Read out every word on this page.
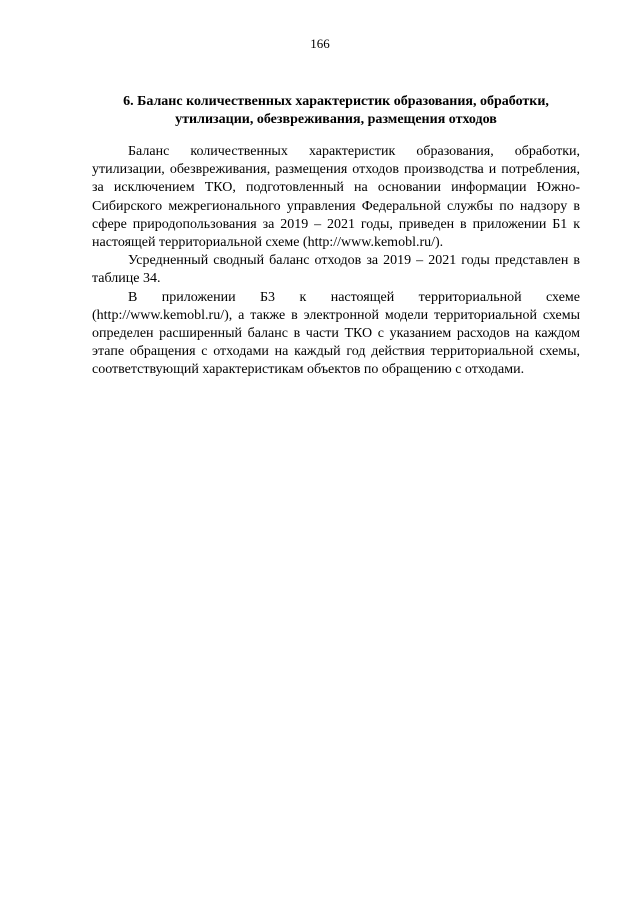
166
6. Баланс количественных характеристик образования, обработки, утилизации, обезвреживания, размещения отходов

Баланс количественных характеристик образования, обработки, утилизации, обезвреживания, размещения отходов производства и потребления, за исключением ТКО, подготовленный на основании информации Южно-Сибирского межрегионального управления Федеральной службы по надзору в сфере природопользования за 2019 – 2021 годы, приведен в приложении Б1 к настоящей территориальной схеме (http://www.kemobl.ru/).

Усредненный сводный баланс отходов за 2019 – 2021 годы представлен в таблице 34.

В приложении Б3 к настоящей территориальной схеме (http://www.kemobl.ru/), а также в электронной модели территориальной схемы определен расширенный баланс в части ТКО с указанием расходов на каждом этапе обращения с отходами на каждый год действия территориальной схемы, соответствующий характеристикам объектов по обращению с отходами.
